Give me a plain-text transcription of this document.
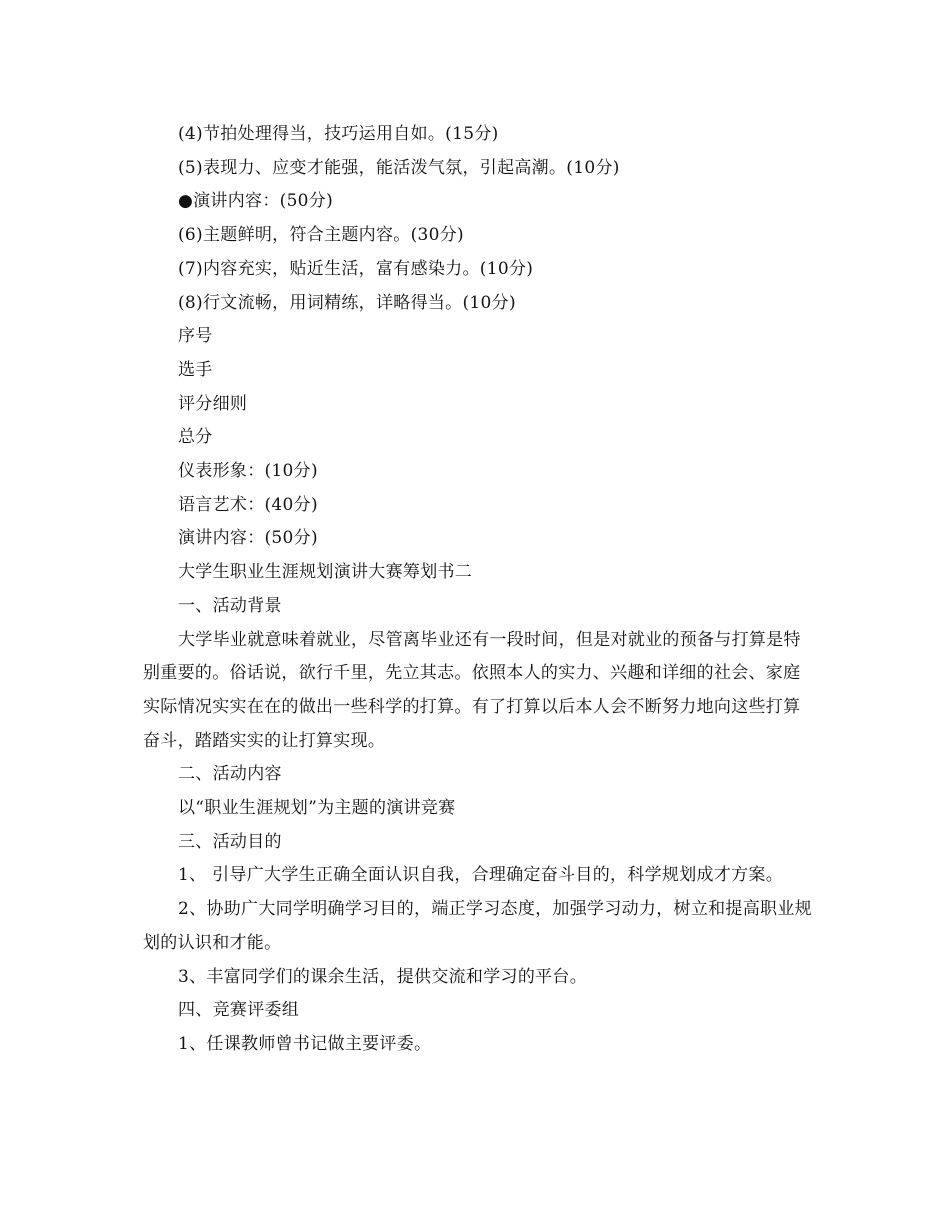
(4)节拍处理得当，技巧运用自如。(15分)
(5)表现力、应变才能强，能活泼气氛，引起高潮。(10分)
●演讲内容：(50分)
(6)主题鲜明，符合主题内容。(30分)
(7)内容充实，贴近生活，富有感染力。(10分)
(8)行文流畅，用词精练，详略得当。(10分)
序号
选手
评分细则
总分
仪表形象：(10分)
语言艺术：(40分)
演讲内容：(50分)
大学生职业生涯规划演讲大赛筹划书二
一、活动背景

大学毕业就意味着就业，尽管离毕业还有一段时间，但是对就业的预备与打算是特别重要的。俗话说，欲行千里，先立其志。依照本人的实力、兴趣和详细的社会、家庭实际情况实实在在的做出一些科学的打算。有了打算以后本人会不断努力地向这些打算奋斗，踏踏实实的让打算实现。

二、活动内容
以“职业生涯规划”为主题的演讲竞赛
三、活动目的

1、 引导广大学生正确全面认识自我，合理确定奋斗目的，科学规划成才方案。

2、协助广大同学明确学习目的，端正学习态度，加强学习动力，树立和提高职业规划的认识和才能。

3、丰富同学们的课余生活，提供交流和学习的平台。

四、竞赛评委组
1、任课教师曾书记做主要评委。
